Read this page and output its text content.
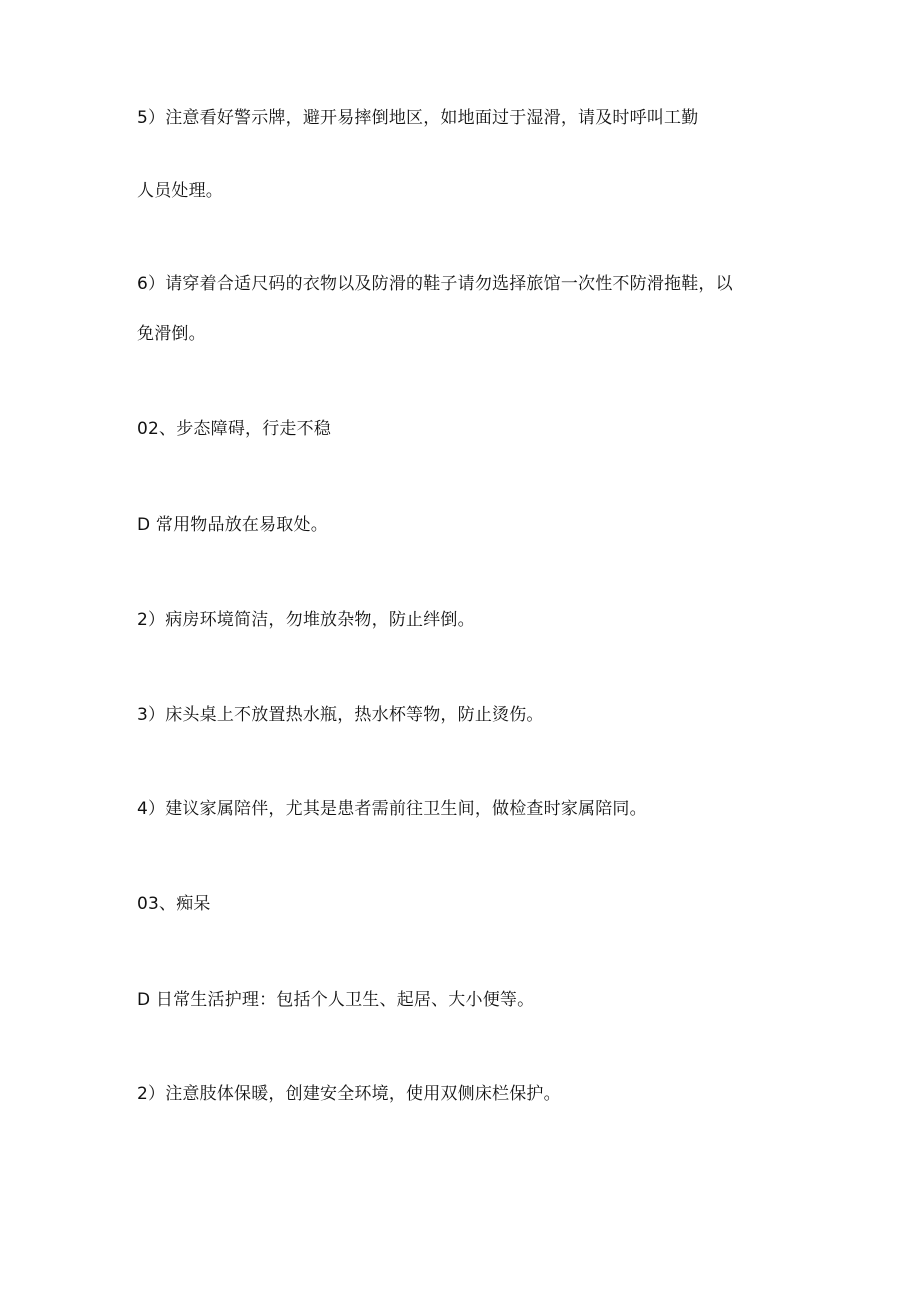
5）注意看好警示牌，避开易摔倒地区，如地面过于湿滑，请及时呼叫工勤
人员处理。
6）请穿着合适尺码的衣物以及防滑的鞋子请勿选择旅馆一次性不防滑拖鞋，以
免滑倒。
02、步态障碍，行走不稳
D 常用物品放在易取处。
2）病房环境简洁，勿堆放杂物，防止绊倒。
3）床头桌上不放置热水瓶，热水杯等物，防止烫伤。
4）建议家属陪伴，尤其是患者需前往卫生间，做检查时家属陪同。
03、痴呆
D 日常生活护理：包括个人卫生、起居、大小便等。
2）注意肢体保暖，创建安全环境，使用双侧床栏保护。
